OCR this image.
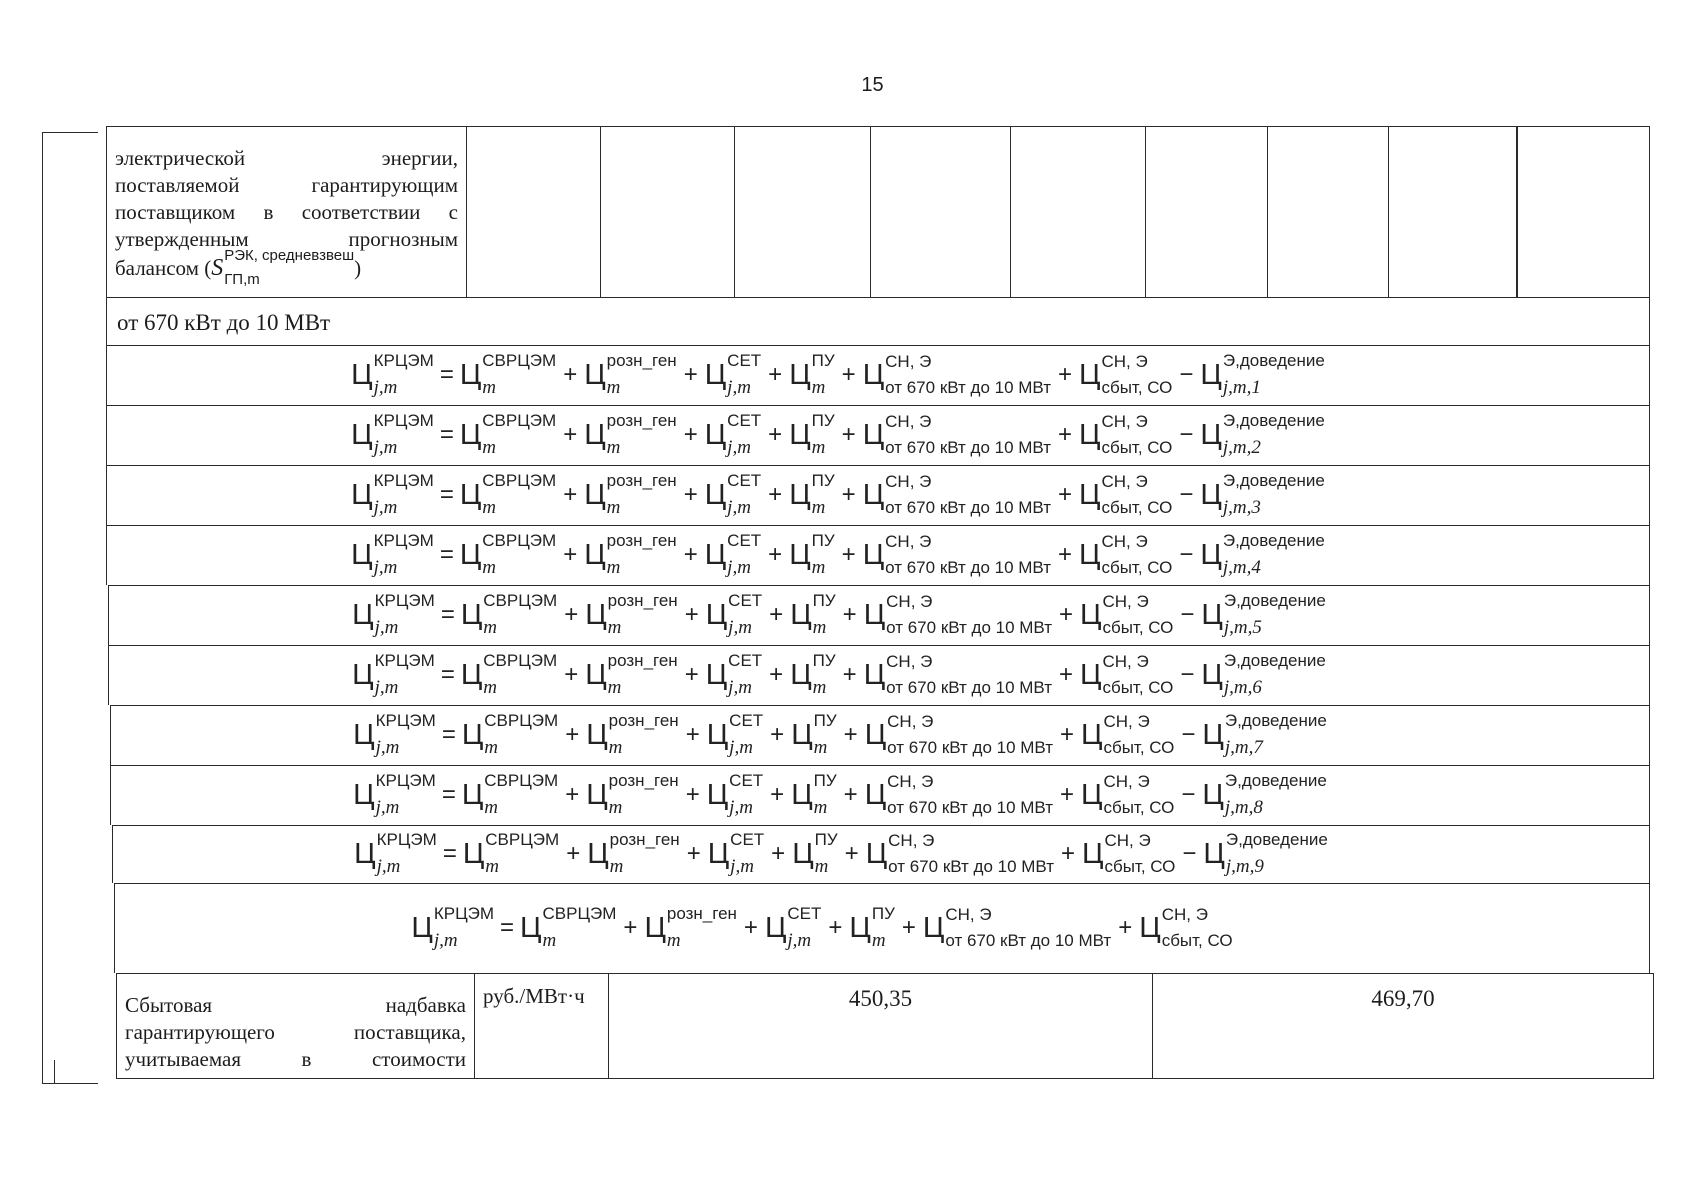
15
электрической энергии,
поставляемой гарантирующим
поставщиком в соответствии с
утвержденным прогнозным
балансом ( S РЭК, средневзвеш
ГП,m	)
от 670 кВт до 10 МВт
Ц КРЦЭМ
j,m	= Ц СВРЦЭМ
m	+ Ц розн_ген
m	+ Ц СЕТ
j,m + Ц ПУ
m + Ц СН, Э
от 670 кВт до 10 МВт + Ц СН, Э
сбыт, СО − Ц Э,доведение
j,m,1
Ц КРЦЭМ
j,m	= Ц СВРЦЭМ
m	+ Ц розн_ген
m	+ Ц СЕТ
j,m + Ц ПУ
m + Ц СН, Э
от 670 кВт до 10 МВт + Ц СН, Э
сбыт, СО − Ц Э,доведение
j,m,2
Ц КРЦЭМ
j,m	= Ц СВРЦЭМ
m	+ Ц розн_ген
m	+ Ц СЕТ
j,m + Ц ПУ
m + Ц СН, Э
от 670 кВт до 10 МВт + Ц СН, Э
сбыт, СО − Ц Э,доведение
j,m,3
Ц КРЦЭМ
j,m	= Ц СВРЦЭМ
m	+ Ц розн_ген
m	+ Ц СЕТ
j,m + Ц ПУ
m + Ц СН, Э
от 670 кВт до 10 МВт + Ц СН, Э
сбыт, СО − Ц Э,доведение
j,m,4
Ц КРЦЭМ
j,m	= Ц СВРЦЭМ
m	+ Ц розн_ген
m	+ Ц СЕТ
j,m + Ц ПУ
m + Ц СН, Э
от 670 кВт до 10 МВт + Ц СН, Э
сбыт, СО − Ц Э,доведение
j,m,5
Ц КРЦЭМ
j,m	= Ц СВРЦЭМ
m	+ Ц розн_ген
m	+ Ц СЕТ
j,m + Ц ПУ
m + Ц СН, Э
от 670 кВт до 10 МВт + Ц СН, Э
сбыт, СО − Ц Э,доведение
j,m,6
Ц КРЦЭМ
j,m	= Ц СВРЦЭМ
m	+ Ц розн_ген
m	+ Ц СЕТ
j,m + Ц ПУ
m + Ц СН, Э
от 670 кВт до 10 МВт + Ц СН, Э
сбыт, СО − Ц Э,доведение
j,m,7
Ц КРЦЭМ
j,m	= Ц СВРЦЭМ
m	+ Ц розн_ген
m	+ Ц СЕТ
j,m + Ц ПУ
m + Ц СН, Э
от 670 кВт до 10 МВт + Ц СН, Э
сбыт, СО − Ц Э,доведение
j,m,8
Ц КРЦЭМ
j,m	= Ц СВРЦЭМ
m	+ Ц розн_ген
m	+ Ц СЕТ
j,m + Ц ПУ
m + Ц СН, Э
от 670 кВт до 10 МВт + Ц СН, Э
сбыт, СО − Ц Э,доведение
j,m,9
Ц КРЦЭМ
j,m	= Ц СВРЦЭМ
m	+ Ц розн_ген
m	+ Ц СЕТ
j,m + Ц ПУ
m + Ц СН, Э
от 670 кВт до 10 МВт + Ц СН, Э
сбыт, СО
Сбытовая надбавка
гарантирующего поставщика,
учитываемая в стоимости
руб./МВт·ч	450,35	469,70
